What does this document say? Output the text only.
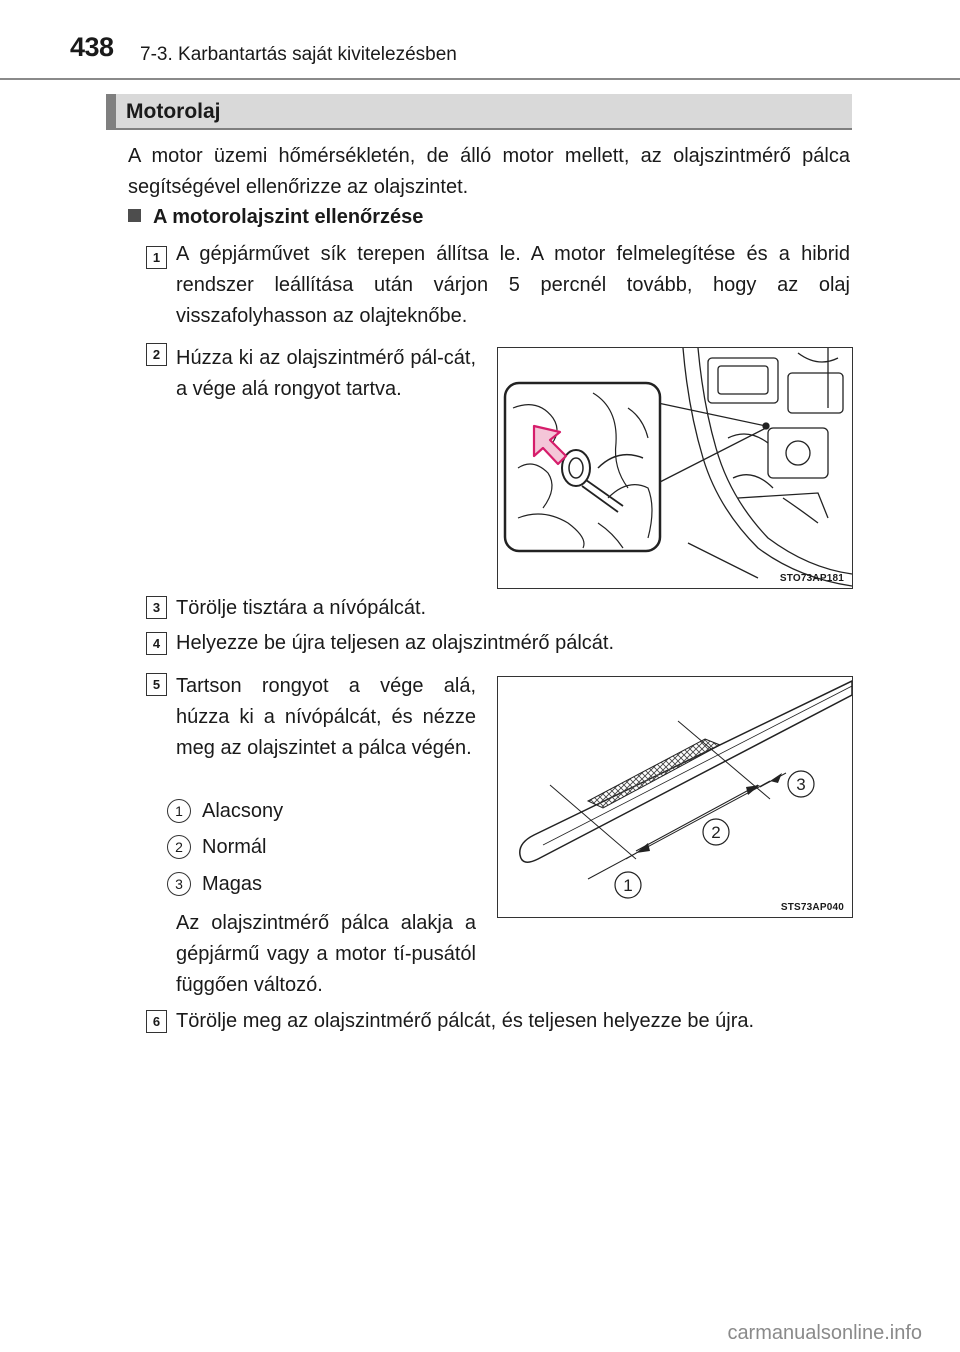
438 7-3. Karbantartás saját kivitelezésben
Motorolaj
A motor üzemi hőmérsékletén, de álló motor mellett, az olajszintmérő pálca segítségével ellenőrizze az olajszintet.
A motorolajszint ellenőrzése
1 A gépjárművet sík terepen állítsa le. A motor felmelegítése és a hibrid rendszer leállítása után várjon 5 percnél tovább, hogy az olaj visszafolyhasson az olajteknőbe.
2 Húzza ki az olajszintmérő pál-cát, a vége alá rongyot tartva.
STO73AP181
3 Törölje tisztára a nívópálcát.
4 Helyezze be újra teljesen az olajszintmérő pálcát.
5 Tartson rongyot a vége alá, húzza ki a nívópálcát, és nézze meg az olajszintet a pálca végén.
1 Alacsony
2 Normál
3 Magas
Az olajszintmérő pálca alakja a gépjármű vagy a motor tí-pusától függően változó.
1
2
3
STS73AP040
6 Törölje meg az olajszintmérő pálcát, és teljesen helyezze be újra.
carmanualsonline.info
